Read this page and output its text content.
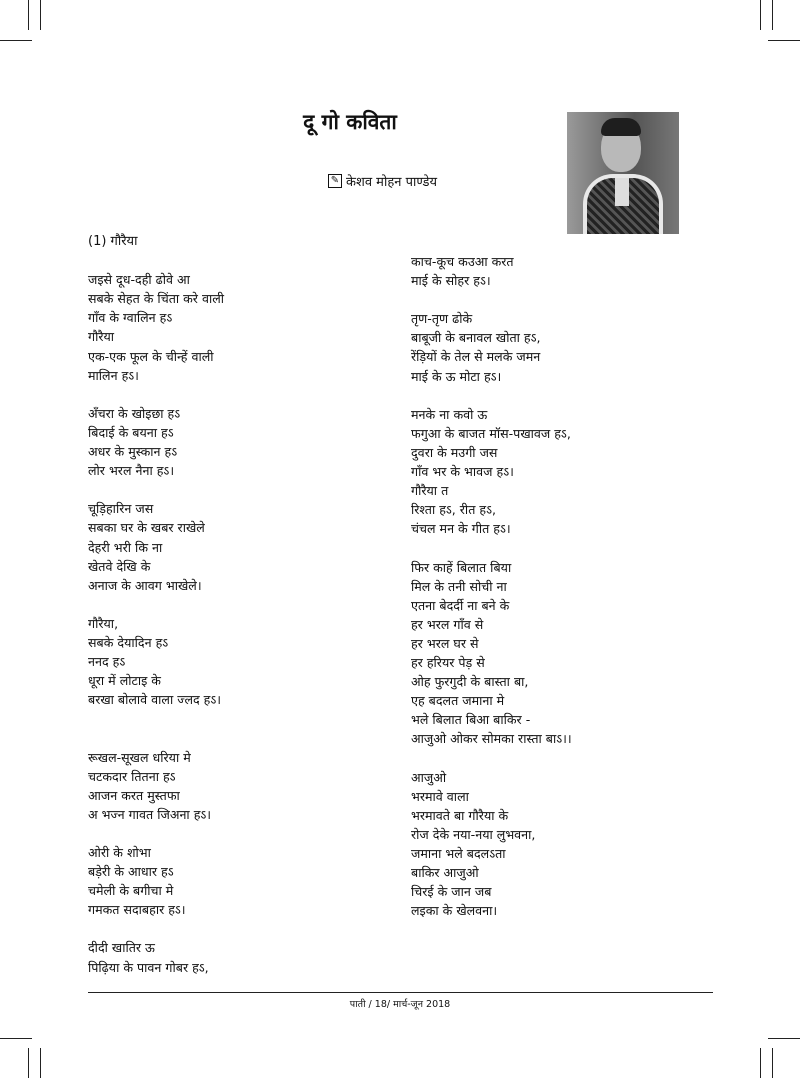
दू गो कविता
✎ केशव मोहन पाण्डेय
(1) गौरैया
जइसे दूध-दही ढोवे आ
सबके सेहत के चिंता करे वाली
गाँव के ग्वालिन हऽ
गौरैया
एक-एक फूल के चीन्हें वाली
मालिन हऽ।
अँचरा के खोइछा हऽ
बिदाई के बयना हऽ
अधर के मुस्कान हऽ
लोर भरल नैना हऽ।
चूड़िहारिन जस
सबका घर के खबर राखेले
देहरी भरी कि ना
खेतवे देखि के
अनाज के आवग भाखेले।
गौरैया,
सबके देयादिन हऽ
ननद हऽ
धूरा में लोटाइ के
बरखा बोलावे वाला ज्लद हऽ।
रूखल-सूखल धरिया मे
चटकदार तितना हऽ
आजन करत मुस्तफा
अ भज्न गावत जिअना हऽ।
ओरी के शोभा
बड़ेरी के आधार हऽ
चमेली के बगीचा मे
गमकत सदाबहार हऽ।
दीदी खातिर ऊ
पिढ़िया के पावन गोबर हऽ,
काच-कूच कउआ करत
माई के सोहर हऽ।
तृण-तृण ढोके
बाबूजी के बनावल खोता हऽ,
रेंड़ियों के तेल से मलके जमन
माई के ऊ मोटा हऽ।
मनके ना कवो ऊ
फगुआ के बाजत मॉस-पखावज हऽ,
दुवरा के मउगी जस
गाँव भर के भावज हऽ।
गौरैया त
रिश्ता हऽ, रीत हऽ,
चंचल मन के गीत हऽ।
फिर काहें बिलात बिया
मिल के तनी सोची ना
एतना बेदर्दी ना बने के
हर भरल गाँव से
हर भरल घर से
हर हरियर पेड़ से
ओह फुरगुदी के बास्ता बा,
एह बदलत जमाना मे
भले बिलात बिआ बाकिर -
आजुओ ओकर सोमका रास्ता बाऽ।।
आजुओ
भरमावे वाला
भरमावते बा गौरैया के
रोज देके नया-नया लुभवना,
जमाना भले बदलऽता
बाकिर आजुओ
चिरई के जान जब
लइका के खेलवना।
पाती / 18/ मार्च-जून 2018
